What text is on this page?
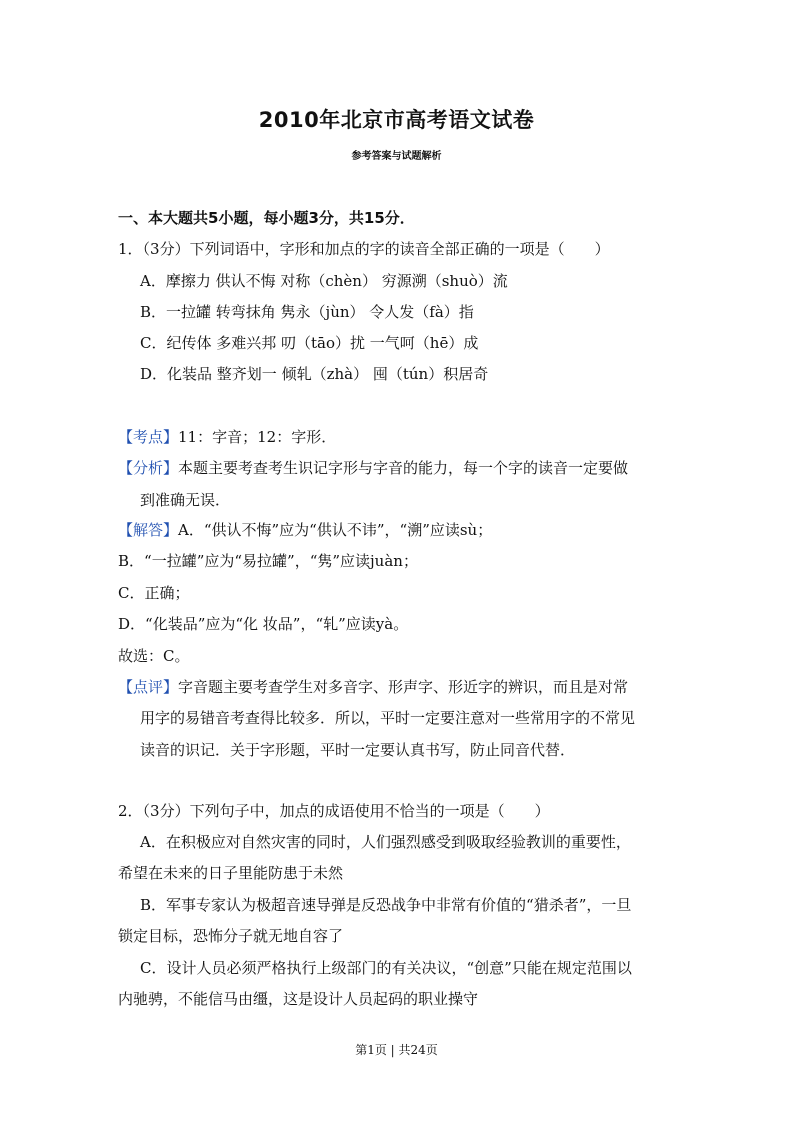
2010年北京市高考语文试卷
参考答案与试题解析
一、本大题共5小题，每小题3分，共15分．
1．（3分）下列词语中，字形和加点的字的读音全部正确的一项是（　　）
A．摩擦力 供认不悔 对称（chèn） 穷源溯（shuò）流
B．一拉罐 转弯抹角 隽永（jùn） 令人发（fà）指
C．纪传体 多难兴邦 叨（tāo）扰 一气呵（hē）成
D．化装品 整齐划一 倾轧（zhà） 囤（tún）积居奇
【考点】11：字音；12：字形．
【分析】本题主要考查考生识记字形与字音的能力，每一个字的读音一定要做
到准确无误．
【解答】A．“供认不悔”应为“供认不讳”，“溯”应读sù；
B．“一拉罐”应为“易拉罐”，“隽”应读juàn；
C．正确；
D．“化装品”应为“化 妆品”，“轧”应读yà。
故选：C。
【点评】字音题主要考查学生对多音字、形声字、形近字的辨识，而且是对常
用字的易错音考查得比较多．所以，平时一定要注意对一些常用字的不常见
读音的识记．关于字形题，平时一定要认真书写，防止同音代替．
2．（3分）下列句子中，加点的成语使用不恰当的一项是（　　）
A．在积极应对自然灾害的同时，人们强烈感受到吸取经验教训的重要性，
希望在未来的日子里能防患于未然
B．军事专家认为极超音速导弹是反恐战争中非常有价值的“猎杀者”，一旦
锁定目标，恐怖分子就无地自容了
C．设计人员必须严格执行上级部门的有关决议，“创意”只能在规定范围以
内驰骋，不能信马由缰，这是设计人员起码的职业操守
第1页 | 共24页
